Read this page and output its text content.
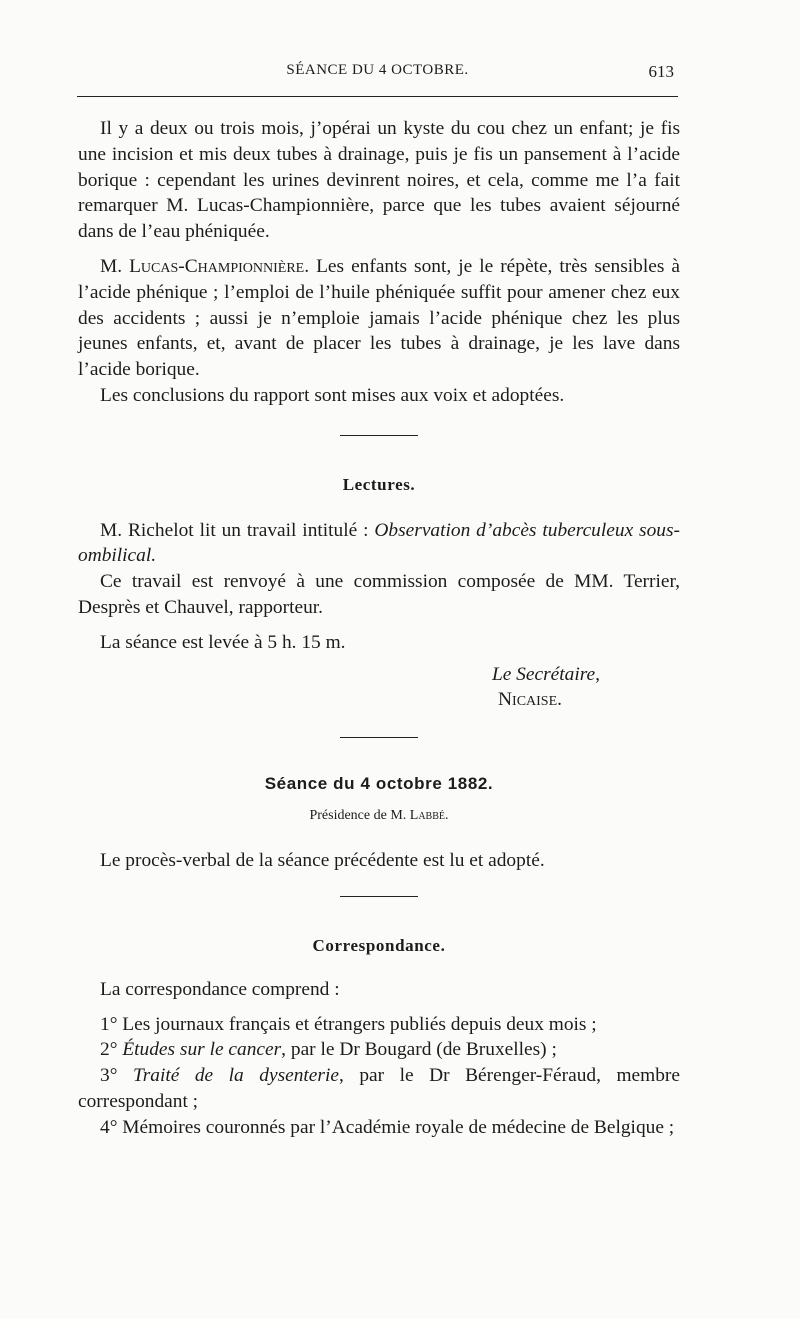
SÉANCE DU 4 OCTOBRE.	613

Il y a deux ou trois mois, j’opérai un kyste du cou chez un enfant; je fis une incision et mis deux tubes à drainage, puis je fis un pansement à l’acide borique : cependant les urines devinrent noires, et cela, comme me l’a fait remarquer M. Lucas-Championnière, parce que les tubes avaient séjourné dans de l’eau phéniquée.

M. Lucas-Championnière. Les enfants sont, je le répète, très sensibles à l’acide phénique ; l’emploi de l’huile phéniquée suffit pour amener chez eux des accidents ; aussi je n’emploie jamais l’acide phénique chez les plus jeunes enfants, et, avant de placer les tubes à drainage, je les lave dans l’acide borique.

Les conclusions du rapport sont mises aux voix et adoptées.

Lectures.

M. Richelot lit un travail intitulé : Observation d’abcès tuberculeux sous-ombilical.

Ce travail est renvoyé à une commission composée de MM. Terrier, Desprès et Chauvel, rapporteur.

La séance est levée à 5 h. 15 m.

Le Secrétaire,
Nicaise.
Séance du 4 octobre 1882.
Présidence de M. Labbé.

Le procès-verbal de la séance précédente est lu et adopté.

Correspondance.

La correspondance comprend :

1° Les journaux français et étrangers publiés depuis deux mois ;

2° Études sur le cancer, par le Dr Bougard (de Bruxelles) ;

3° Traité de la dysenterie, par le Dr Bérenger-Féraud, membre correspondant ;

4° Mémoires couronnés par l’Académie royale de médecine de Belgique ;
